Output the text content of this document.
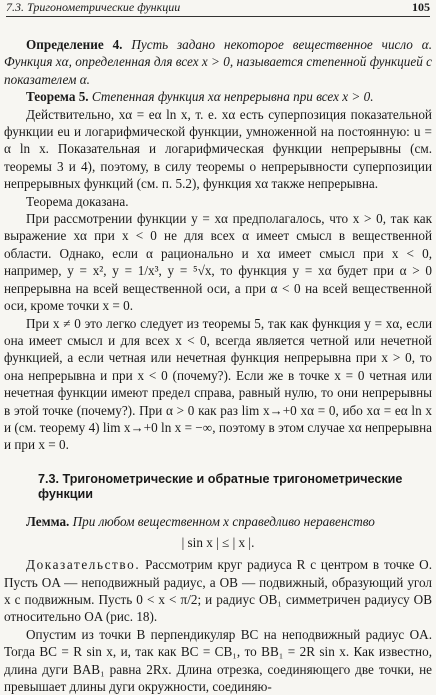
7.3. Тригонометрические функции	105

Определение 4. Пусть задано некоторое вещественное число α. Функция xα, определенная для всех x > 0, называется степенной функцией с показателем α.

Теорема 5. Степенная функция xα непрерывна при всех x > 0.

Действительно, xα = eα ln x, т. е. xα есть суперпозиция показательной функции eu и логарифмической функции, умноженной на постоянную: u = α ln x. Показательная и логарифмическая функции непрерывны (см. теоремы 3 и 4), поэтому, в силу теоремы о непрерывности суперпозиции непрерывных функций (см. п. 5.2), функция xα также непрерывна.

Теорема доказана.

При рассмотрении функции y = xα предполагалось, что x > 0, так как выражение xα при x < 0 не для всех α имеет смысл в вещественной области. Однако, если α рационально и xα имеет смысл при x < 0, например, y = x², y = 1/x³, y = ⁵√x, то функция y = xα будет при α > 0 непрерывна на всей вещественной оси, а при α < 0 на всей вещественной оси, кроме точки x = 0.

При x ≠ 0 это легко следует из теоремы 5, так как функция y = xα, если она имеет смысл и для всех x < 0, всегда является четной или нечетной функцией, а если четная или нечетная функция непрерывна при x > 0, то она непрерывна и при x < 0 (почему?). Если же в точке x = 0 четная или нечетная функции имеют предел справа, равный нулю, то они непрерывны в этой точке (почему?). При α > 0 как раз lim x→+0 xα = 0, ибо xα = eα ln x и (см. теорему 4) lim x→+0 ln x = −∞, поэтому в этом случае xα непрерывна и при x = 0.

7.3. Тригонометрические и обратные тригонометрические функции

Лемма. При любом вещественном x справедливо неравенство

| sin x | ≤ | x |.

Доказательство. Рассмотрим круг радиуса R с центром в точке O. Пусть OA — неподвижный радиус, а OB — подвижный, образующий угол x с подвижным. Пусть 0 < x < π/2; и радиус OB₁ симметричен радиусу OB относительно OA (рис. 18).

Опустим из точки B перпендикуляр BC на неподвижный радиус OA. Тогда BC = R sin x, и, так как BC = CB₁, то BB₁ = 2R sin x. Как известно, длина дуги BAB₁ равна 2Rx. Длина отрезка, соединяющего две точки, не превышает длины дуги окружности, соединяю-
